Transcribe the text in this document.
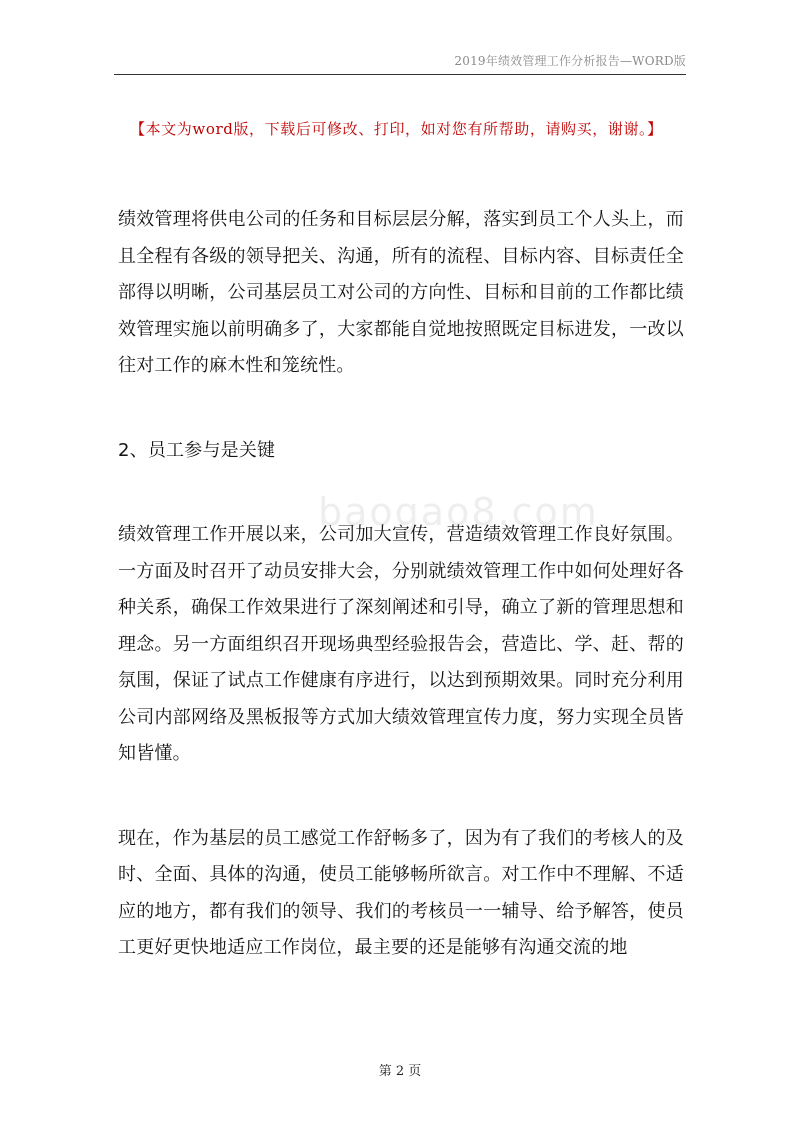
2019年绩效管理工作分析报告—WORD版
【本文为word版，下载后可修改、打印，如对您有所帮助，请购买，谢谢。】
baogao8.com

绩效管理将供电公司的任务和目标层层分解，落实到员工个人头上，而且全程有各级的领导把关、沟通，所有的流程、目标内容、目标责任全部得以明晰，公司基层员工对公司的方向性、目标和目前的工作都比绩效管理实施以前明确多了，大家都能自觉地按照既定目标进发，一改以往对工作的麻木性和笼统性。

2、员工参与是关键

绩效管理工作开展以来，公司加大宣传，营造绩效管理工作良好氛围。一方面及时召开了动员安排大会，分别就绩效管理工作中如何处理好各种关系，确保工作效果进行了深刻阐述和引导，确立了新的管理思想和理念。另一方面组织召开现场典型经验报告会，营造比、学、赶、帮的氛围，保证了试点工作健康有序进行，以达到预期效果。同时充分利用公司内部网络及黑板报等方式加大绩效管理宣传力度，努力实现全员皆知皆懂。

现在，作为基层的员工感觉工作舒畅多了，因为有了我们的考核人的及时、全面、具体的沟通，使员工能够畅所欲言。对工作中不理解、不适应的地方，都有我们的领导、我们的考核员一一辅导、给予解答，使员工更好更快地适应工作岗位，最主要的还是能够有沟通交流的地

第 2 页
